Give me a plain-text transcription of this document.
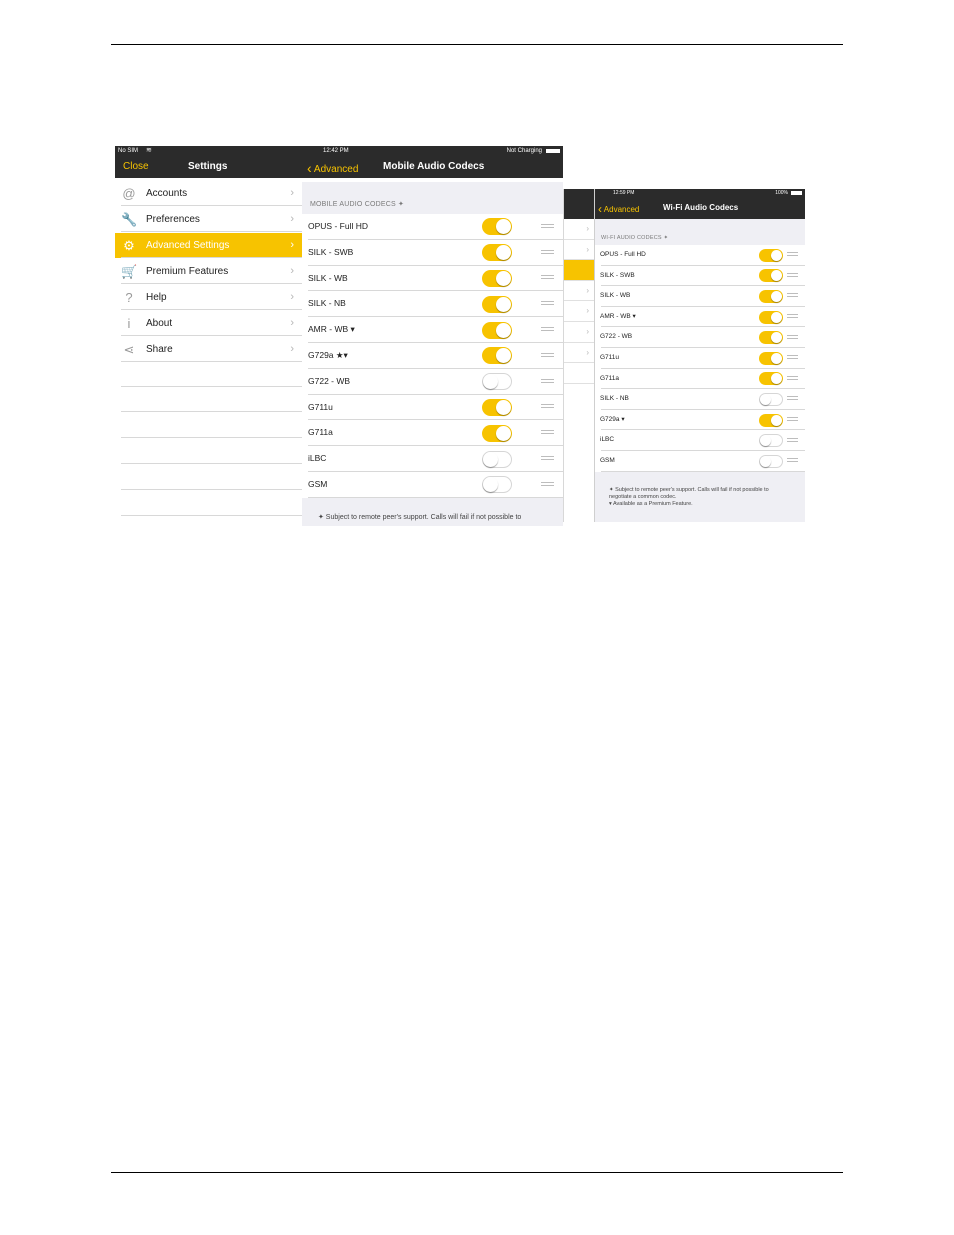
No SIM ≋
Close	Settings
@ Accounts	›
🔧 Preferences	›
⚙ Advanced Settings	›
🛒 Premium Features	›
?	Help	›
i	About	›
⋖ Share	›
12:42 PM	Not Charging
‹ Advanced Mobile Audio Codecs
MOBILE AUDIO CODECS ✦
OPUS - Full HD
SILK - SWB
SILK - WB
SILK - NB
AMR - WB ▾
G729a ★▾
G722 - WB
G711u
G711a
iLBC
GSM
✦ Subject to remote peer's support. Calls will fail if not possible to
›
›
›
›
›
›
12:59 PM	100%
‹ Advanced	Wi-Fi Audio Codecs
WI-FI AUDIO CODECS ✦
OPUS - Full HD
SILK - SWB
SILK - WB
AMR - WB ▾
G722 - WB
G711u
G711a
SILK - NB
G729a ▾
iLBC
GSM
✦ Subject to remote peer's support. Calls will fail if not possible to
negotiate a common codec.
▾ Available as a Premium Feature.
